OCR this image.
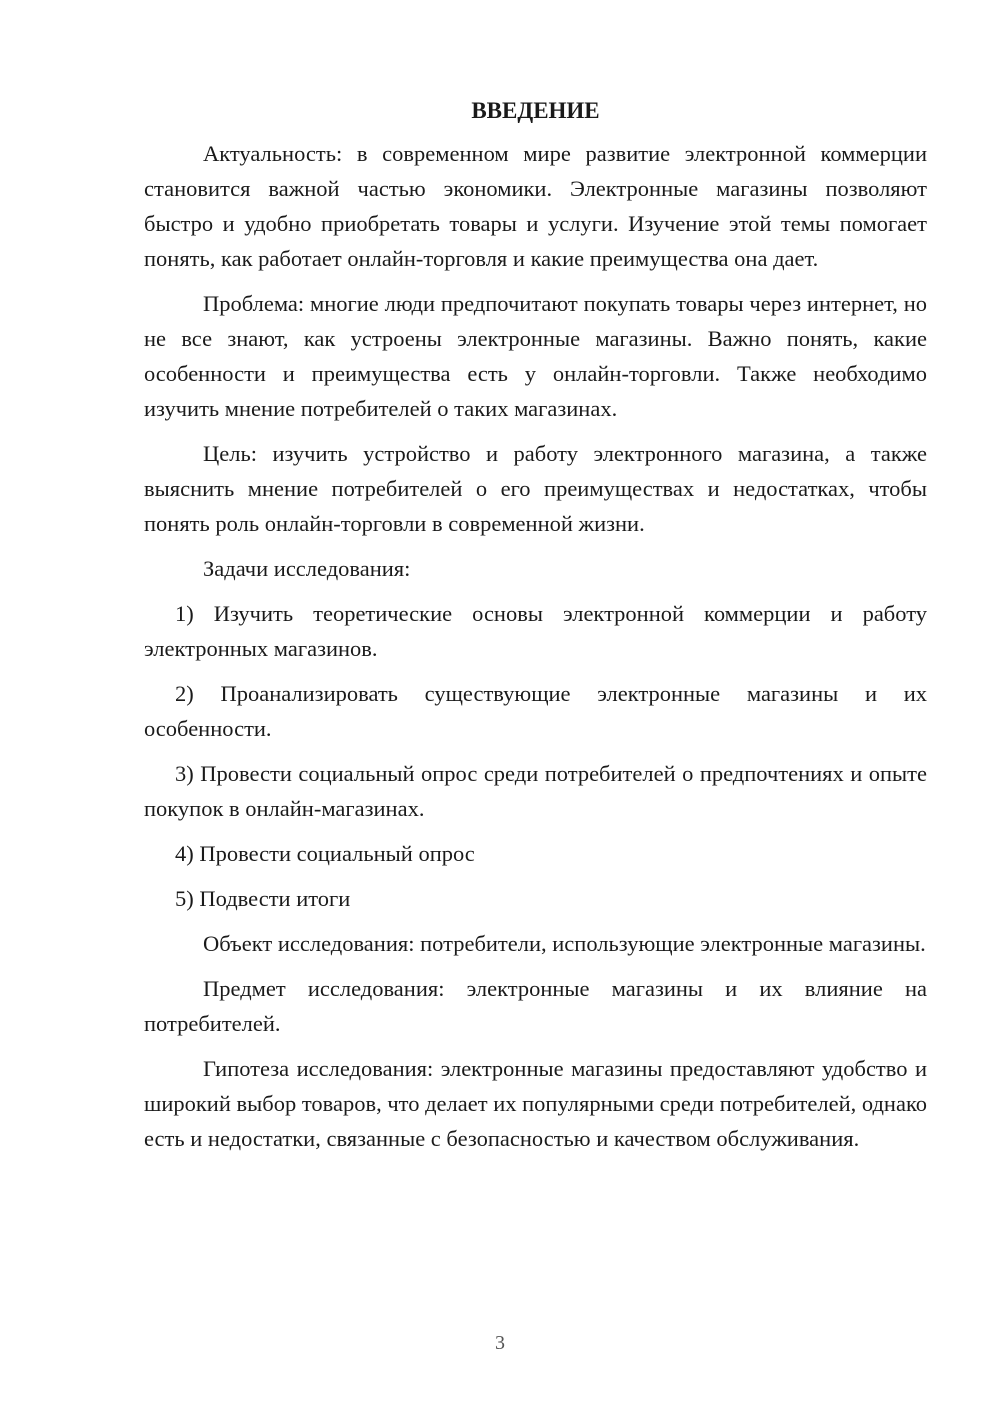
ВВЕДЕНИЕ

Актуальность: в современном мире развитие электронной коммерции становится важной частью экономики. Электронные магазины позволяют быстро и удобно приобретать товары и услуги. Изучение этой темы помогает понять, как работает онлайн-торговля и какие преимущества она дает.

Проблема: многие люди предпочитают покупать товары через интернет, но не все знают, как устроены электронные магазины. Важно понять, какие особенности и преимущества есть у онлайн-торговли. Также необходимо изучить мнение потребителей о таких магазинах.

Цель: изучить устройство и работу электронного магазина, а также выяснить мнение потребителей о его преимуществах и недостатках, чтобы понять роль онлайн-торговли в современной жизни.

Задачи исследования:

1) Изучить теоретические основы электронной коммерции и работу электронных магазинов.

2) Проанализировать существующие электронные магазины и их особенности.

3) Провести социальный опрос среди потребителей о предпочтениях и опыте покупок в онлайн-магазинах.

4) Провести социальный опрос

5) Подвести итоги

Объект исследования: потребители, использующие электронные магазины.

Предмет исследования: электронные магазины и их влияние на потребителей.

Гипотеза исследования: электронные магазины предоставляют удобство и широкий выбор товаров, что делает их популярными среди потребителей, однако есть и недостатки, связанные с безопасностью и качеством обслуживания.

3
